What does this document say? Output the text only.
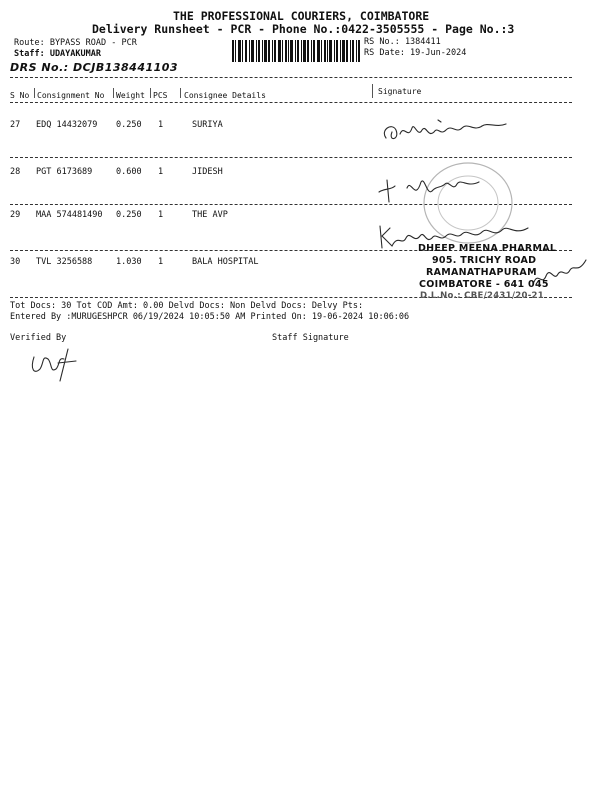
THE PROFESSIONAL COURIERS, COIMBATORE
Delivery Runsheet - PCR - Phone No.:0422-3505555 - Page No.:3
Route: BYPASS ROAD - PCR
Staff: UDAYAKUMAR
DRS No.: DCJB138441103
RS No.: 1384411
RS Date: 19-Jun-2024
S No Consignment No Weight PCS Consignee Details	Signature
27 EDQ 14432079 0.250 1	SURIYA
28 PGT 6173689	0.600 1	JIDESH
29 MAA 574481490 0.250 1	THE AVP
30 TVL 3256588	1.030 1	BALA HOSPITAL
DHEEP MEENA PHARMAL
905. TRICHY ROAD
RAMANATHAPURAM
COIMBATORE - 641 045
D.L.No.: CBE/2431/20-21
Tot Docs: 30 Tot COD Amt: 0.00 Delvd Docs: Non Delvd Docs: Delvy Pts:
Entered By :MURUGESHPCR 06/19/2024 10:05:50 AM Printed On: 19-06-2024 10:06:06
Verified By	Staff Signature
